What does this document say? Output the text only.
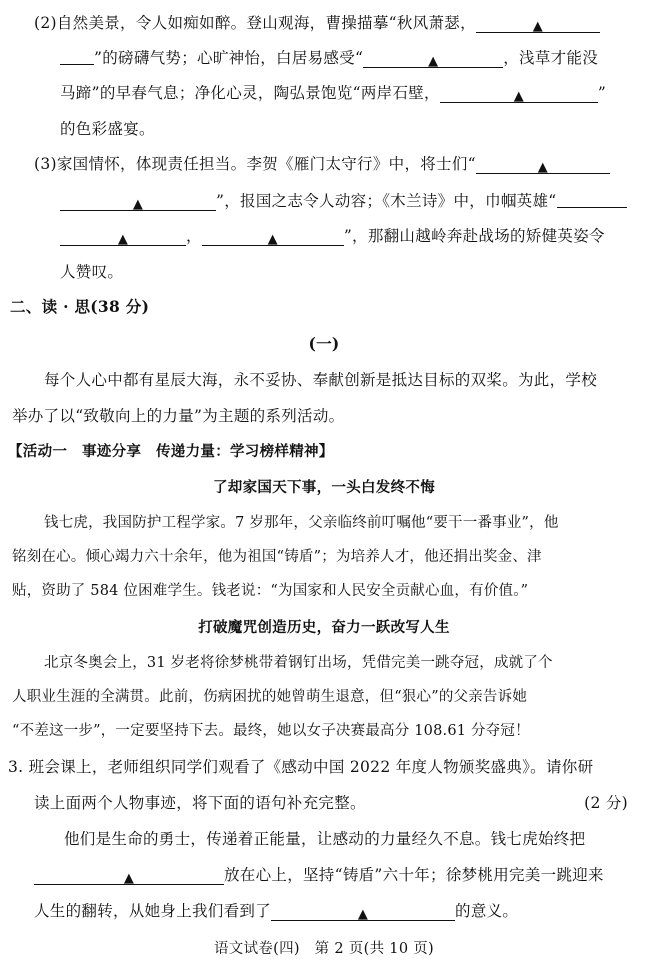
(2)自然美景，令人如痴如醉。登山观海，曹操描摹“秋风萧瑟，	▲
”的磅礴气势；心旷神怡，白居易感受“	▲	，浅草才能没
马蹄”的早春气息；净化心灵，陶弘景饱览“两岸石壁，	▲	”
的色彩盛宴。
(3)家国情怀，体现责任担当。李贺《雁门太守行》中，将士们“	▲
▲	”，报国之志令人动容；《木兰诗》中，巾帼英雄“
▲	，	▲	”，那翻山越岭奔赴战场的矫健英姿令
人赞叹。
二、读 · 思(38 分)
(一)
每个人心中都有星辰大海，永不妥协、奉献创新是抵达目标的双桨。为此，学校
举办了以“致敬向上的力量”为主题的系列活动。
【活动一　事迹分享　传递力量：学习榜样精神】
了却家国天下事，一头白发终不悔
钱七虎，我国防护工程学家。7 岁那年，父亲临终前叮嘱他“要干一番事业”，他
铭刻在心。倾心竭力六十余年，他为祖国“铸盾”；为培养人才，他还捐出奖金、津
贴，资助了 584 位困难学生。钱老说：“为国家和人民安全贡献心血，有价值。”
打破魔咒创造历史，奋力一跃改写人生
北京冬奥会上，31 岁老将徐梦桃带着钢钉出场，凭借完美一跳夺冠，成就了个
人职业生涯的全满贯。此前，伤病困扰的她曾萌生退意，但“狠心”的父亲告诉她
“不差这一步”，一定要坚持下去。最终，她以女子决赛最高分 108.61 分夺冠！
3. 班会课上，老师组织同学们观看了《感动中国 2022 年度人物颁奖盛典》。请你研
读上面两个人物事迹，将下面的语句补充完整。	(2 分)
他们是生命的勇士，传递着正能量，让感动的力量经久不息。钱七虎始终把
▲	放在心上，坚持“铸盾”六十年；徐梦桃用完美一跳迎来
人生的翻转，从她身上我们看到了	▲	的意义。
语文试卷(四)　第 2 页(共 10 页)
